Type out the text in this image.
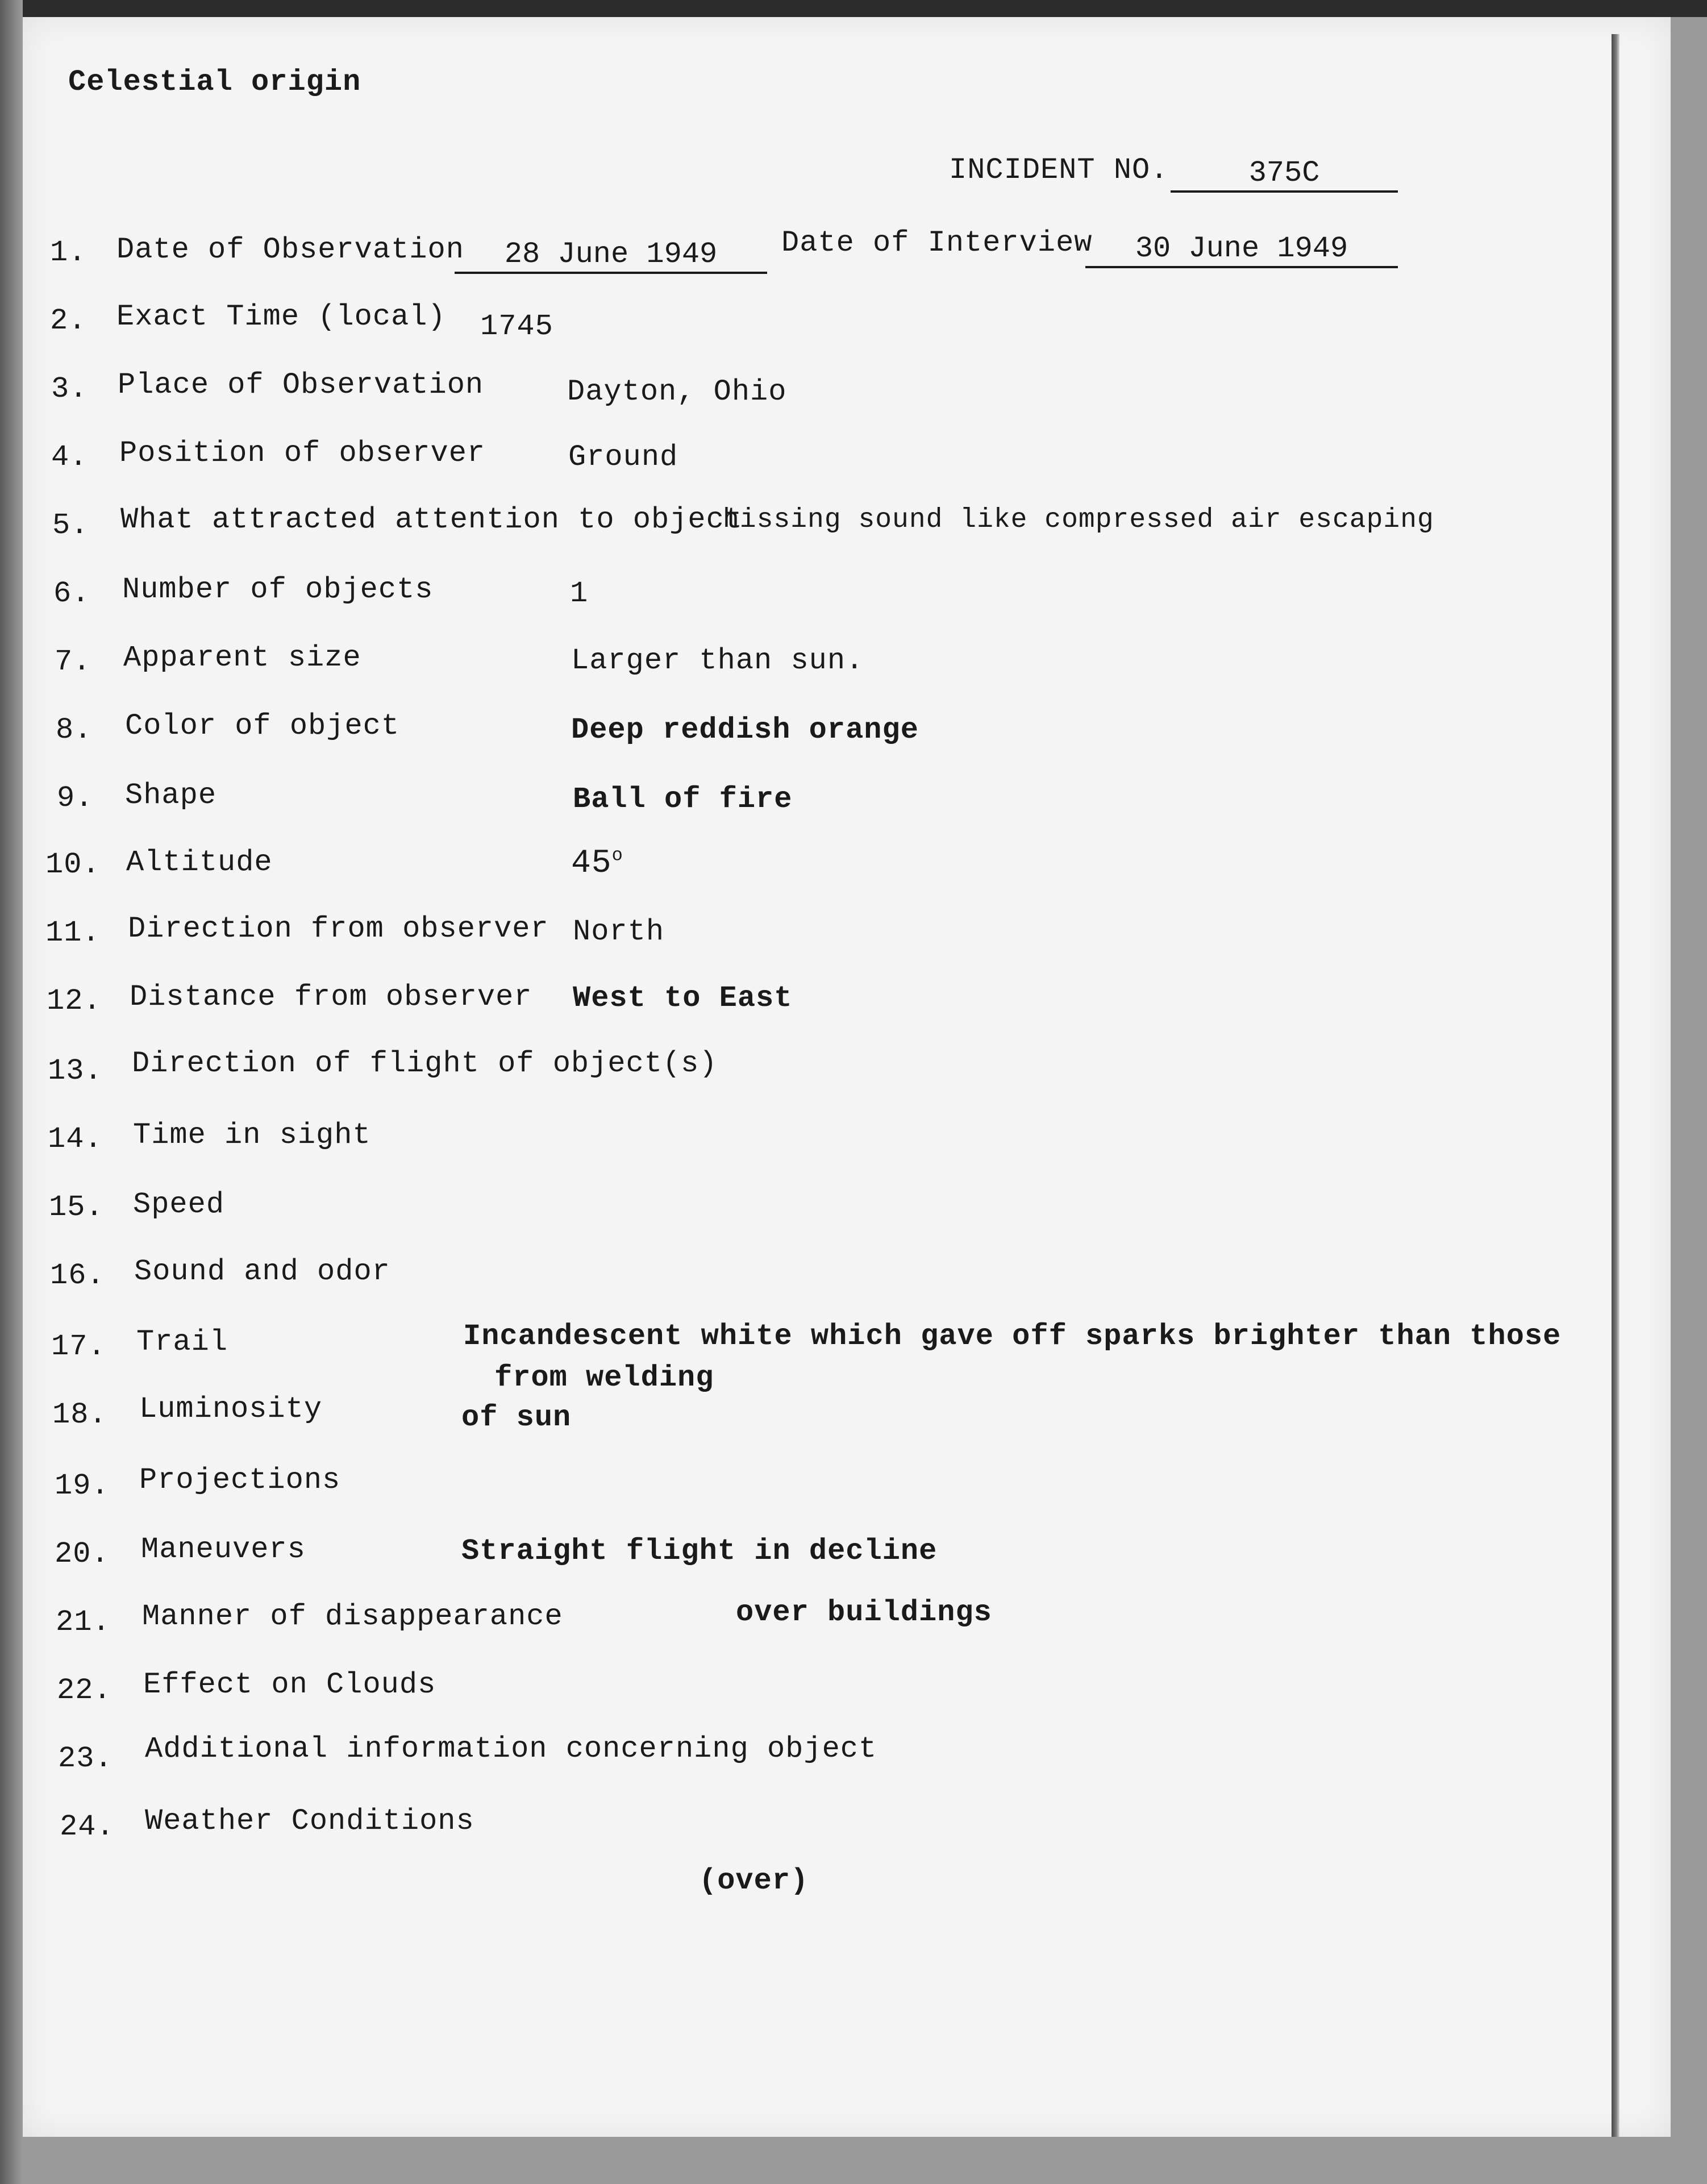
Celestial origin
INCIDENT NO.	375C
1.	Date of Observation	28 June 1949	Date of Interview	30 June 1949
2.	Exact Time (local) 1745
3.	Place of Observation	Dayton, Ohio
4.	Position of observer	Ground
5.	What attracted attention to object
hissing sound like compressed air escaping
6.	Number of objects	1
7.	Apparent size	Larger than sun.
8.	Color of object	Deep reddish orange
9.	Shape	Ball of fire
10. Altitude	45$^o$
11. Direction from observer North
12. Distance from observer West to East
13. Direction of flight of object(s)
14. Time in sight
15. Speed
16. Sound and odor
17. Trail	Incandescent white which gave off sparks brighter than those
from welding
18. Luminosity	of sun
19. Projections
20. Maneuvers	Straight flight in decline
21. Manner of disappearance	over buildings
22. Effect on Clouds
23. Additional information concerning object
24. Weather Conditions
(over)
